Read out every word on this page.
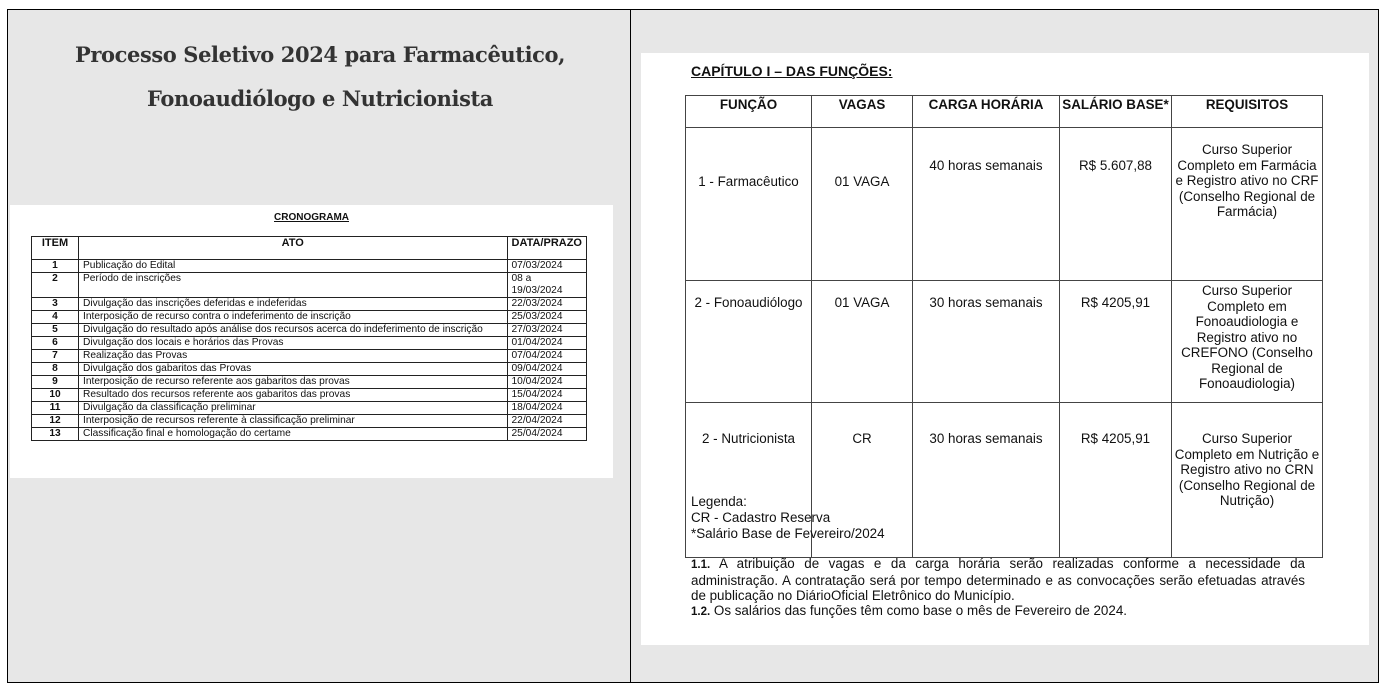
Processo Seletivo 2024 para Farmacêutico,
Fonoaudiólogo e Nutricionista
CRONOGRAMA
ITEM	ATO	DATA/PRAZO
1	Publicação do Edital	07/03/2024
2	Período de inscrições	08 a 19/03/2024
3	Divulgação das inscrições deferidas e indeferidas	22/03/2024
4	Interposição de recurso contra o indeferimento de inscrição	25/03/2024
5	Divulgação do resultado após análise dos recursos acerca do indeferimento de inscrição	27/03/2024
6	Divulgação dos locais e horários das Provas	01/04/2024
7	Realização das Provas	07/04/2024
8	Divulgação dos gabaritos das Provas	09/04/2024
9	Interposição de recurso referente aos gabaritos das provas	10/04/2024
10	Resultado dos recursos referente aos gabaritos das provas	15/04/2024
11	Divulgação da classificação preliminar	18/04/2024
12	Interposição de recursos referente à classificação preliminar	22/04/2024
13	Classificação final e homologação do certame	25/04/2024
CAPÍTULO I – DAS FUNÇÕES:
FUNÇÃO	VAGAS	CARGA HORÁRIA	SALÁRIO BASE*	REQUISITOS
1 - Farmacêutico	01 VAGA	40 horas semanais	R$ 5.607,88	Curso Superior Completo em Farmácia e Registro ativo no CRF (Conselho Regional de Farmácia)
2 - Fonoaudiólogo	01 VAGA	30 horas semanais	R$ 4205,91	Curso Superior Completo em Fonoaudiologia e Registro ativo no CREFONO (Conselho Regional de Fonoaudiologia)
2 - Nutricionista	CR	30 horas semanais	R$ 4205,91	Curso Superior Completo em Nutrição e Registro ativo no CRN (Conselho Regional de Nutrição)
Legenda:
CR - Cadastro Reserva
*Salário Base de Fevereiro/2024
1.1. A atribuição de vagas e da carga horária serão realizadas conforme a necessidade da administração. A contratação será por tempo determinado e as convocações serão efetuadas através de publicação no DiárioOficial Eletrônico do Município.
1.2. Os salários das funções têm como base o mês de Fevereiro de 2024.
